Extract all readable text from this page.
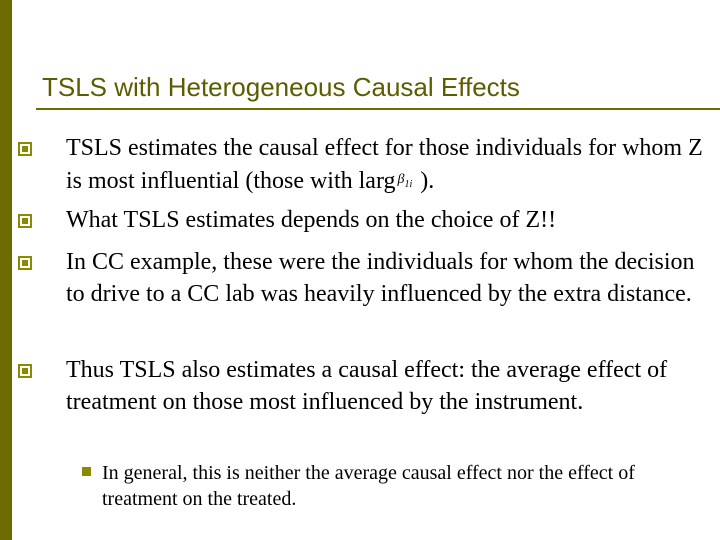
TSLS with Heterogeneous Causal Effects
TSLS estimates the causal effect for those individuals for whom Z is most influential (those with larg $\beta_{1i}$ ).
What TSLS estimates depends on the choice of Z!!
In CC example, these were the individuals for whom the decision to drive to a CC lab was heavily influenced by the extra distance.
Thus TSLS also estimates a causal effect: the average effect of treatment on those most influenced by the instrument.
In general, this is neither the average causal effect nor the effect of treatment on the treated.
